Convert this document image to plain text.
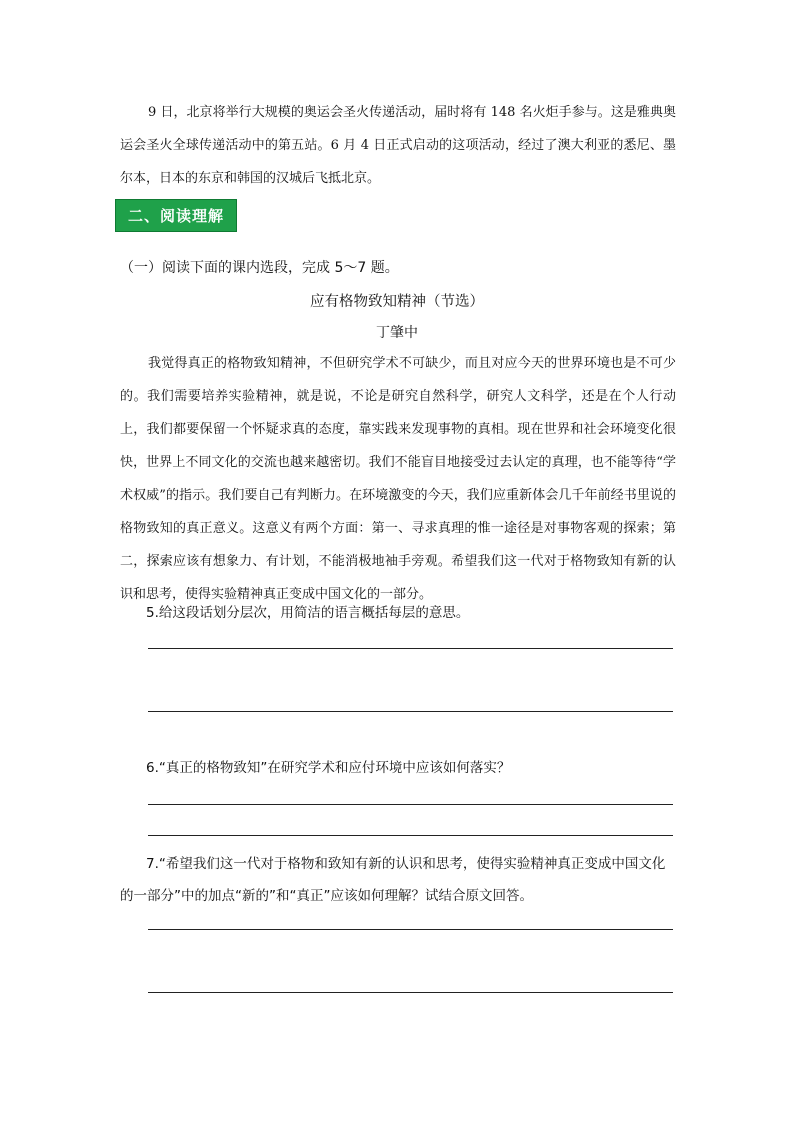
9 日，北京将举行大规模的奥运会圣火传递活动，届时将有 148 名火炬手参与。这是雅典奥运会圣火全球传递活动中的第五站。6 月 4 日正式启动的这项活动，经过了澳大利亚的悉尼、墨尔本，日本的东京和韩国的汉城后飞抵北京。

二、阅读理解
（一）阅读下面的课内选段，完成 5～7 题。
应有格物致知精神（节选）
丁肇中

我觉得真正的格物致知精神，不但研究学术不可缺少，而且对应今天的世界环境也是不可少的。我们需要培养实验精神，就是说，不论是研究自然科学，研究人文科学，还是在个人行动上，我们都要保留一个怀疑求真的态度，靠实践来发现事物的真相。现在世界和社会环境变化很快，世界上不同文化的交流也越来越密切。我们不能盲目地接受过去认定的真理，也不能等待“学术权威”的指示。我们要自己有判断力。在环境激变的今天，我们应重新体会几千年前经书里说的格物致知的真正意义。这意义有两个方面：第一、寻求真理的惟一途径是对事物客观的探索；第二，探索应该有想象力、有计划，不能消极地袖手旁观。希望我们这一代对于格物致知有新的认识和思考，使得实验精神真正变成中国文化的一部分。

5.给这段话划分层次，用简洁的语言概括每层的意思。
6.“真正的格物致知”在研究学术和应付环境中应该如何落实？
7.“希望我们这一代对于格物和致知有新的认识和思考，使得实验精神真正变成中国文化的一部分”中的加点“新的”和“真正”应该如何理解？试结合原文回答。
